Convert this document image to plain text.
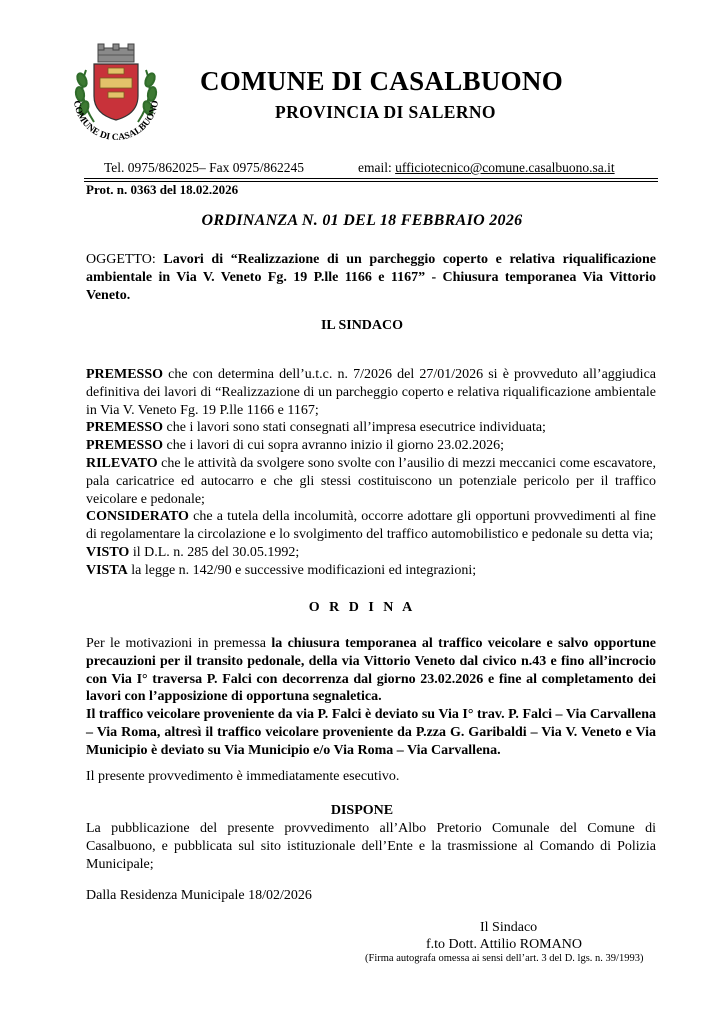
COMUNE DI CASALBUONO
COMUNE DI CASALBUONO
PROVINCIA DI SALERNO
Tel. 0975/862025– Fax 0975/862245	email: ufficiotecnico@comune.casalbuono.sa.it
Prot. n. 0363 del 18.02.2026
ORDINANZA N. 01 DEL 18 FEBBRAIO 2026

OGGETTO: Lavori di “Realizzazione di un parcheggio coperto e relativa riqualificazione ambientale in Via V. Veneto Fg. 19 P.lle 1166 e 1167” - Chiusura temporanea Via Vittorio Veneto.

IL SINDACO

PREMESSO che con determina dell’u.t.c. n. 7/2026 del 27/01/2026 si è provveduto all’aggiudica definitiva dei lavori di “Realizzazione di un parcheggio coperto e relativa riqualificazione ambientale in Via V. Veneto Fg. 19 P.lle 1166 e 1167;

PREMESSO che i lavori sono stati consegnati all’impresa esecutrice individuata;

PREMESSO che i lavori di cui sopra avranno inizio il giorno 23.02.2026;

RILEVATO che le attività da svolgere sono svolte con l’ausilio di mezzi meccanici come escavatore, pala caricatrice ed autocarro e che gli stessi costituiscono un potenziale pericolo per il traffico veicolare e pedonale;

CONSIDERATO che a tutela della incolumità, occorre adottare gli opportuni provvedimenti al fine di regolamentare la circolazione e lo svolgimento del traffico automobilistico e pedonale su detta via;

VISTO il D.L. n. 285 del 30.05.1992;

VISTA la legge n. 142/90 e successive modificazioni ed integrazioni;

O R D I N A

Per le motivazioni in premessa la chiusura temporanea al traffico veicolare e salvo opportune precauzioni per il transito pedonale, della via Vittorio Veneto dal civico n.43 e fino all’incrocio con Via I° traversa P. Falci con decorrenza dal giorno 23.02.2026 e fine al completamento dei lavori con l’apposizione di opportuna segnaletica.

Il traffico veicolare proveniente da via P. Falci è deviato su Via I° trav. P. Falci – Via Carvallena – Via Roma, altresì il traffico veicolare proveniente da P.zza G. Garibaldi – Via V. Veneto e Via Municipio è deviato su Via Municipio e/o Via Roma – Via Carvallena.

Il presente provvedimento è immediatamente esecutivo.
DISPONE
La pubblicazione del presente provvedimento all’Albo Pretorio Comunale del Comune di Casalbuono, e pubblicata sul sito istituzionale dell’Ente e la trasmissione al Comando di Polizia Municipale;
Dalla Residenza Municipale 18/02/2026
Il Sindaco
f.to Dott. Attilio ROMANO
(Firma autografa omessa ai sensi dell’art. 3 del D. lgs. n. 39/1993)
